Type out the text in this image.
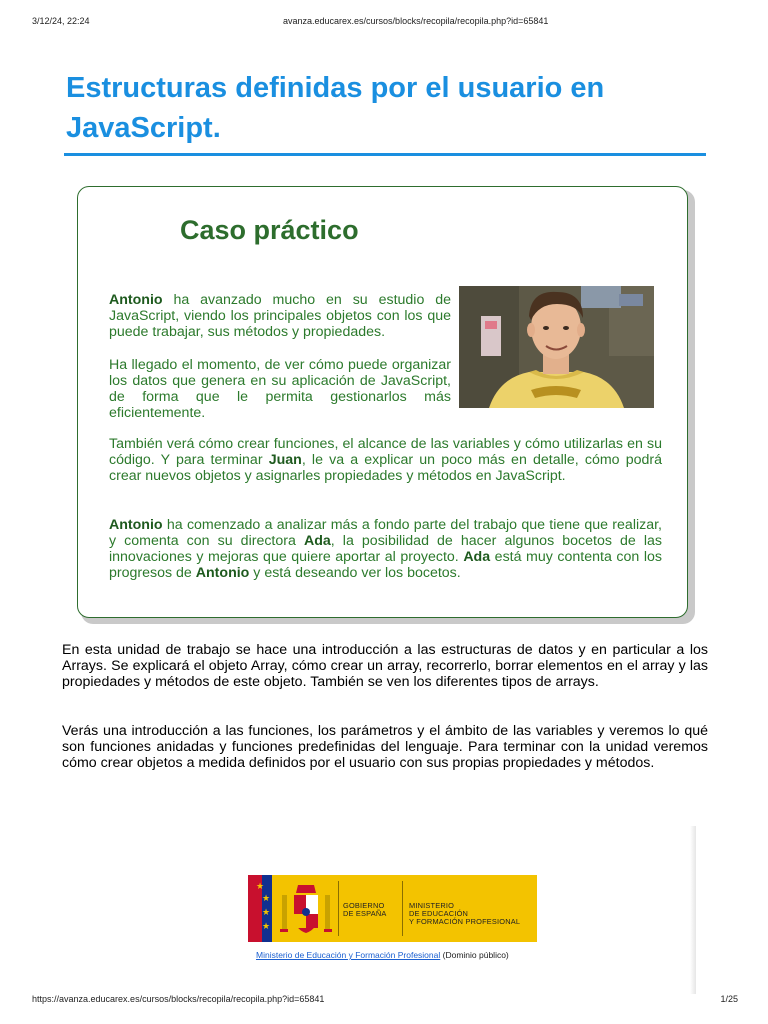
3/12/24, 22:24	avanza.educarex.es/cursos/blocks/recopila/recopila.php?id=65841
Estructuras definidas por el usuario en JavaScript.
Caso práctico

Antonio ha avanzado mucho en su estudio de JavaScript, viendo los principales objetos con los que puede trabajar, sus métodos y propiedades.

Ha llegado el momento, de ver cómo puede organizar los datos que genera en su aplicación de JavaScript, de forma que le permita gestionarlos más eficientemente.

También verá cómo crear funciones, el alcance de las variables y cómo utilizarlas en su código. Y para terminar Juan, le va a explicar un poco más en detalle, cómo podrá crear nuevos objetos y asignarles propiedades y métodos en JavaScript.

Antonio ha comenzado a analizar más a fondo parte del trabajo que tiene que realizar, y comenta con su directora Ada, la posibilidad de hacer algunos bocetos de las innovaciones y mejoras que quiere aportar al proyecto. Ada está muy contenta con los progresos de Antonio y está deseando ver los bocetos.

En esta unidad de trabajo se hace una introducción a las estructuras de datos y en particular a los Arrays. Se explicará el objeto Array, cómo crear un array, recorrerlo, borrar elementos en el array y las propiedades y métodos de este objeto. También se ven los diferentes tipos de arrays.

Verás una introducción a las funciones, los parámetros y el ámbito de las variables y veremos lo qué son funciones anidadas y funciones predefinidas del lenguaje. Para terminar con la unidad veremos cómo crear objetos a medida definidos por el usuario con sus propias propiedades y métodos.

★
★
★
★
GOBIERNO
DE ESPAÑA
MINISTERIO
DE EDUCACIÓN
Y FORMACIÓN PROFESIONAL
Ministerio de Educación y Formación Profesional (Dominio público)
https://avanza.educarex.es/cursos/blocks/recopila/recopila.php?id=65841	1/25
